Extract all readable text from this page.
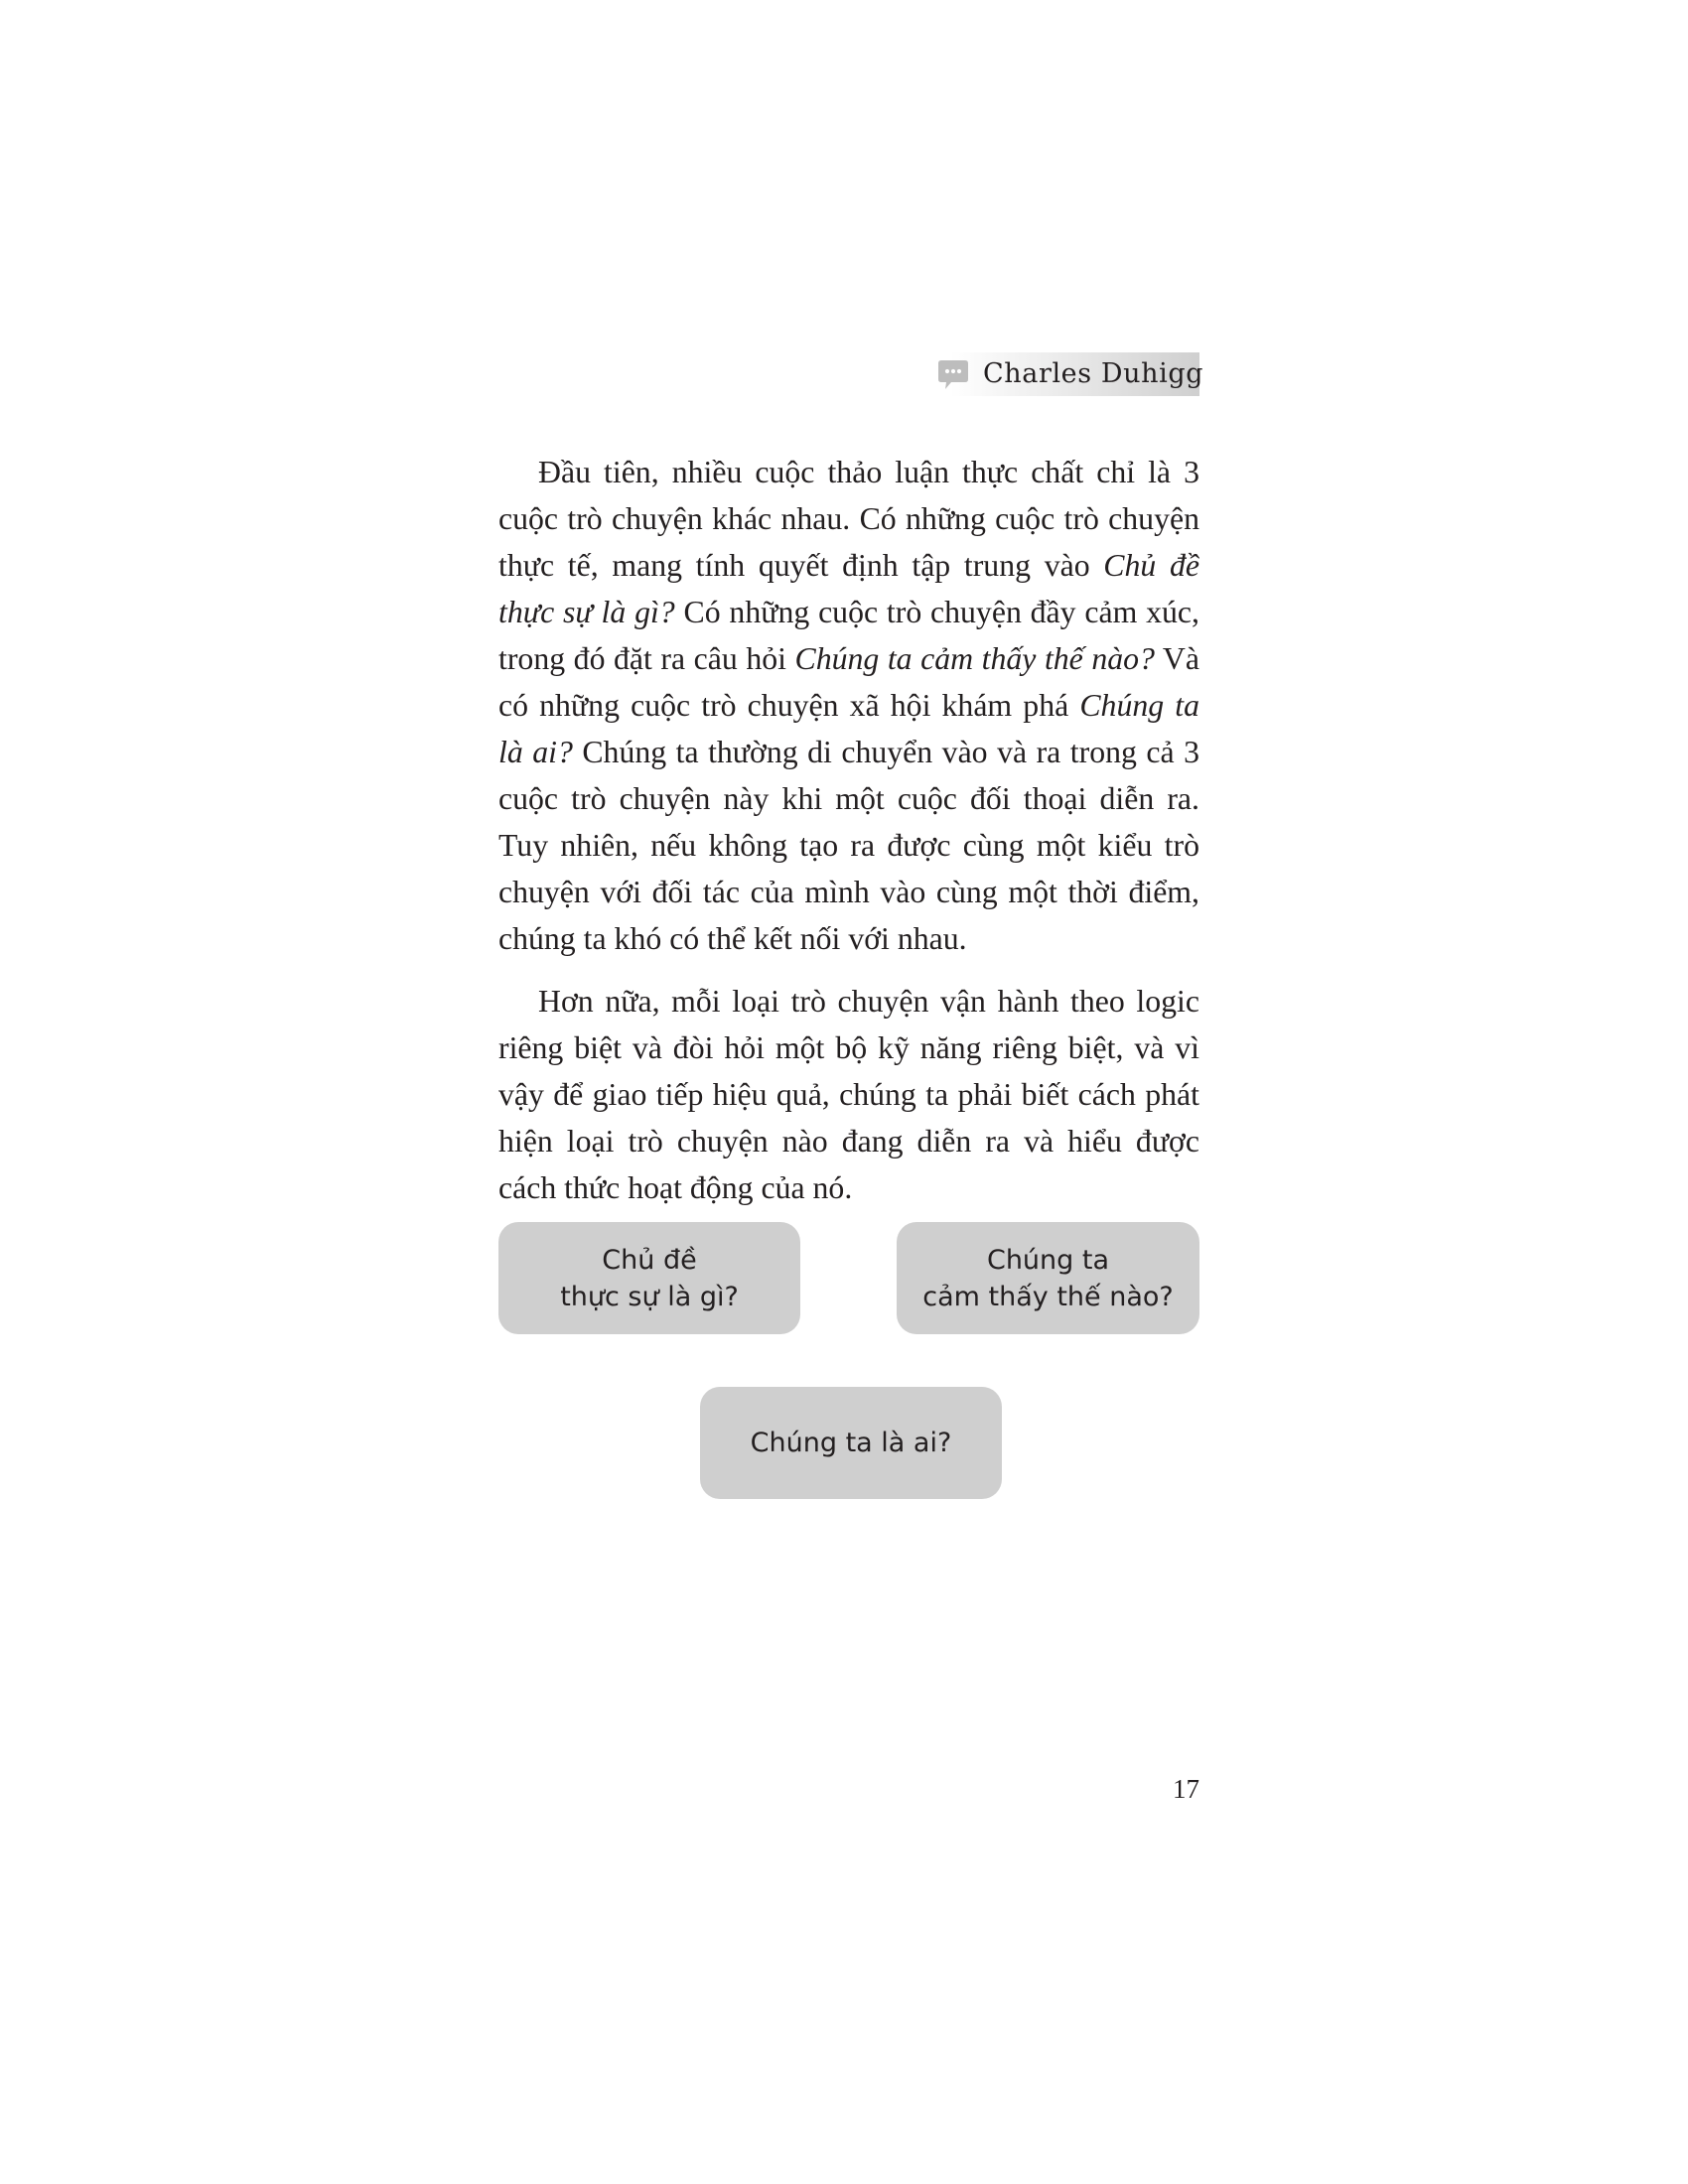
Charles Duhigg

Đầu tiên, nhiều cuộc thảo luận thực chất chỉ là 3 cuộc trò chuyện khác nhau. Có những cuộc trò chuyện thực tế, mang tính quyết định tập trung vào Chủ đề thực sự là gì? Có những cuộc trò chuyện đầy cảm xúc, trong đó đặt ra câu hỏi Chúng ta cảm thấy thế nào? Và có những cuộc trò chuyện xã hội khám phá Chúng ta là ai? Chúng ta thường di chuyển vào và ra trong cả 3 cuộc trò chuyện này khi một cuộc đối thoại diễn ra. Tuy nhiên, nếu không tạo ra được cùng một kiểu trò chuyện với đối tác của mình vào cùng một thời điểm, chúng ta khó có thể kết nối với nhau.

Hơn nữa, mỗi loại trò chuyện vận hành theo logic riêng biệt và đòi hỏi một bộ kỹ năng riêng biệt, và vì vậy để giao tiếp hiệu quả, chúng ta phải biết cách phát hiện loại trò chuyện nào đang diễn ra và hiểu được cách thức hoạt động của nó.

Chủ đề
thực sự là gì?
Chúng ta
cảm thấy thế nào?
Chúng ta là ai?
17
